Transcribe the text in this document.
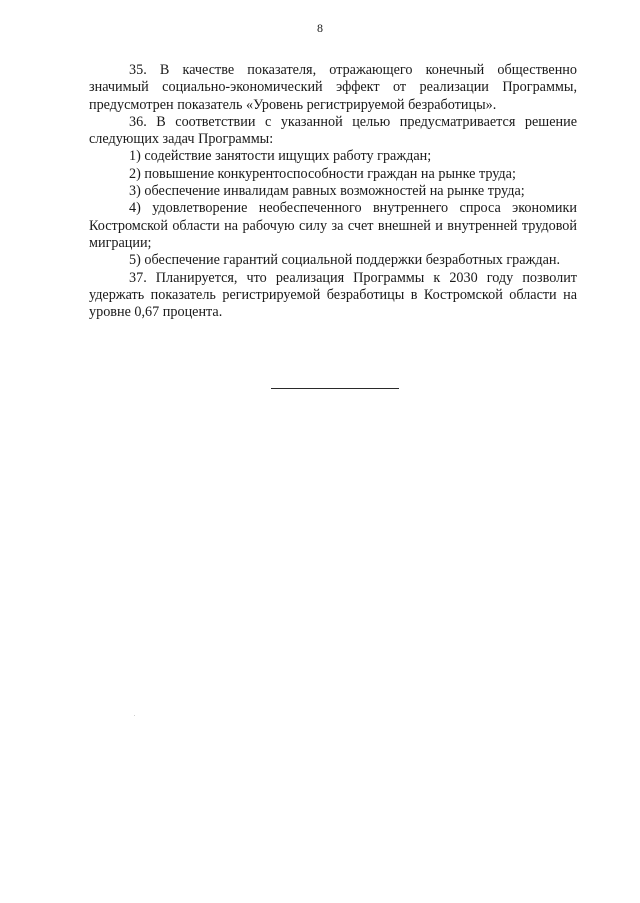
8

35. В качестве показателя, отражающего конечный общественно значимый социально-экономический эффект от реализации Программы, предусмотрен показатель «Уровень регистрируемой безработицы».

36. В соответствии с указанной целью предусматривается решение следующих задач Программы:

1) содействие занятости ищущих работу граждан;

2) повышение конкурентоспособности граждан на рынке труда;

3) обеспечение инвалидам равных возможностей на рынке труда;

4) удовлетворение необеспеченного внутреннего спроса экономики Костромской области на рабочую силу за счет внешней и внутренней трудовой миграции;

5) обеспечение гарантий социальной поддержки безработных граждан.

37. Планируется, что реализация Программы к 2030 году позволит удержать показатель регистрируемой безработицы в Костромской области на уровне 0,67 процента.
